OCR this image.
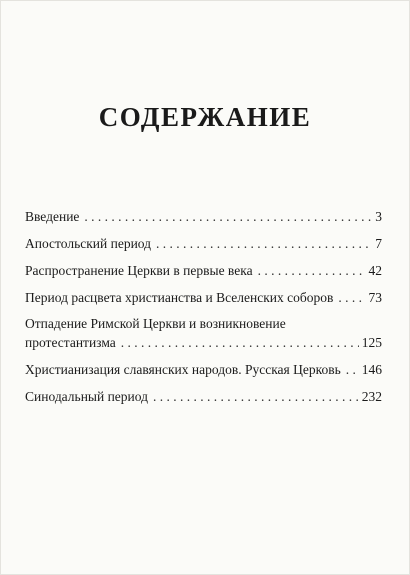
СОДЕРЖАНИЕ
Введение . . .	3
Апостольский период . . .	7
Распространение Церкви в первые века . . .	42
Период расцвета христианства и Вселенских соборов . . .	73
Отпадение Римской Церкви и возникновение
протестантизма . . .	125
Христианизация славянских народов. Русская Церковь . . . 146
Синодальный период . . .	232
